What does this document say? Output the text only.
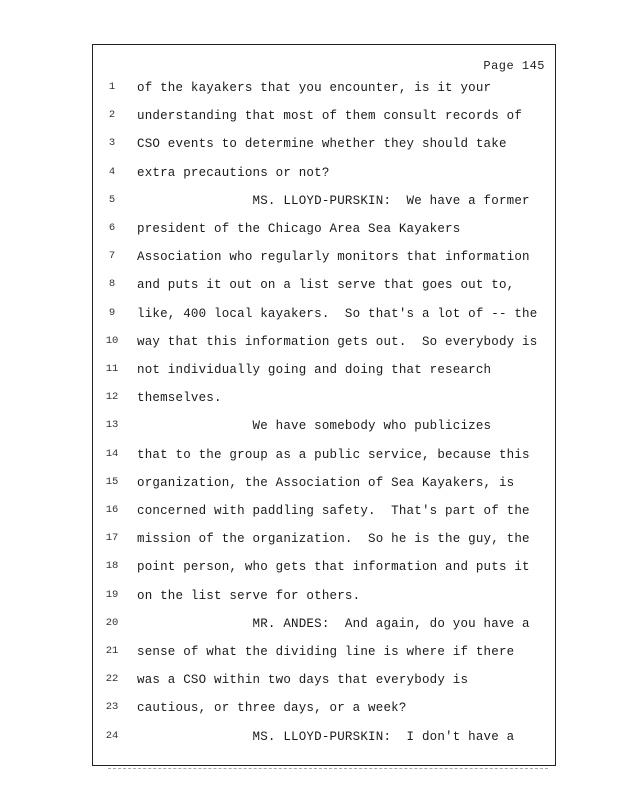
Page 145
1	of the kayakers that you encounter, is it your
2	understanding that most of them consult records of
3	CSO events to determine whether they should take
4	extra precautions or not?
5	MS. LLOYD-PURSKIN:  We have a former
6	president of the Chicago Area Sea Kayakers
7	Association who regularly monitors that information
8	and puts it out on a list serve that goes out to,
9	like, 400 local kayakers.  So that's a lot of -- the
10	way that this information gets out.  So everybody is
11	not individually going and doing that research
12	themselves.
13	We have somebody who publicizes
14	that to the group as a public service, because this
15	organization, the Association of Sea Kayakers, is
16	concerned with paddling safety.  That's part of the
17	mission of the organization.  So he is the guy, the
18	point person, who gets that information and puts it
19	on the list serve for others.
20	MR. ANDES:  And again, do you have a
21	sense of what the dividing line is where if there
22	was a CSO within two days that everybody is
23	cautious, or three days, or a week?
24	MS. LLOYD-PURSKIN:  I don't have a
